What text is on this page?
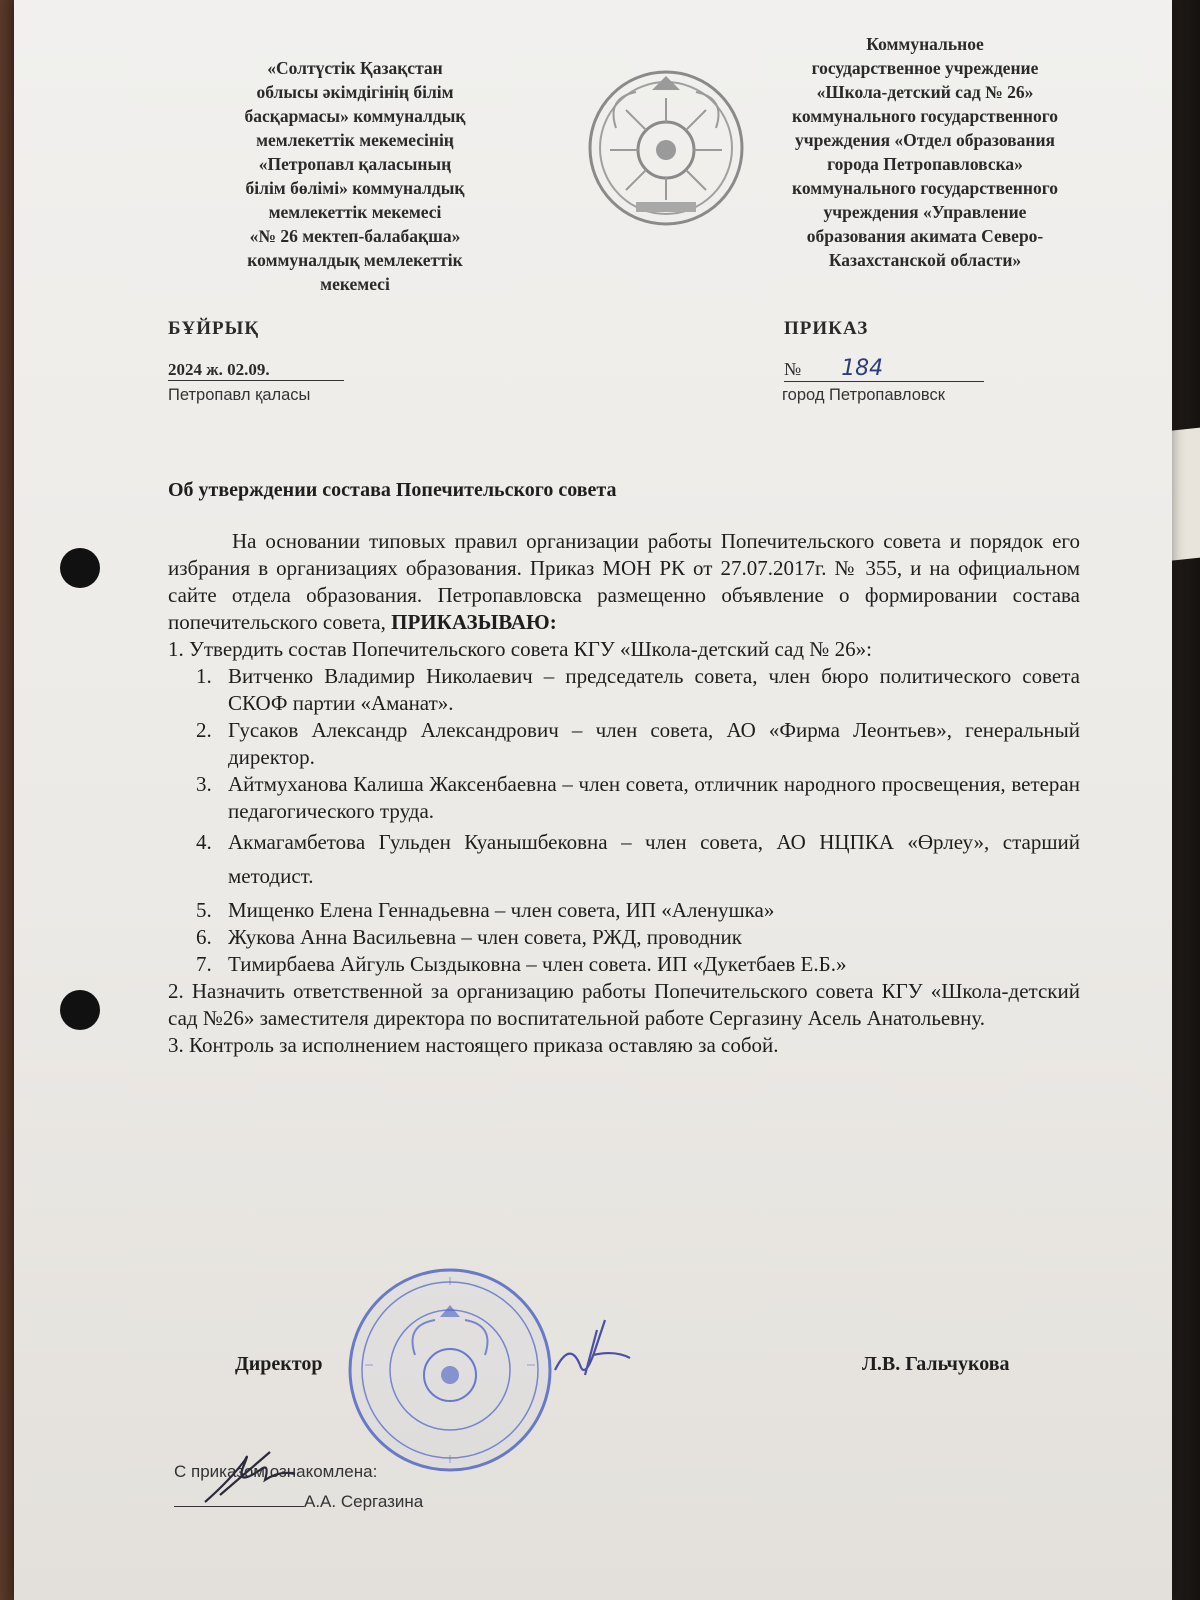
«Солтүстік Қазақстан
облысы әкімдігінің білім
басқармасы» коммуналдық
мемлекеттік мекемесінің
«Петропавл қаласының
білім бөлімі» коммуналдық
мемлекеттік мекемесі
«№ 26 мектеп-балабақша»
коммуналдық мемлекеттік
мекемесі
Коммунальное
государственное учреждение
«Школа-детский сад № 26»
коммунального государственного
учреждения «Отдел образования
города Петропавловска»
коммунального государственного
учреждения «Управление
образования акимата Северо-
Казахстанской области»
БҰЙРЫҚ	ПРИКАЗ
2024 ж. 02.09.	№ 184
Петропавл қаласы	город Петропавловск
Об утверждении состава Попечительского совета

На основании типовых правил организации работы Попечительского совета и порядок его избрания в организациях образования. Приказ МОН РК от 27.07.2017г. № 355, и на официальном сайте отдела образования. Петропавловска размещенно объявление о формировании состава попечительского совета, ПРИКАЗЫВАЮ:

1. Утвердить состав Попечительского совета КГУ «Школа-детский сад № 26»:

1. Витченко Владимир Николаевич – председатель совета, член бюро политического совета СКОФ партии «Аманат».
2. Гусаков Александр Александрович – член совета, АО «Фирма Леонтьев», генеральный директор.
3. Айтмуханова Калиша Жаксенбаевна – член совета, отличник народного просвещения, ветеран педагогического труда.
4. Акмагамбетова Гульден Куанышбековна – член совета, АО НЦПКА «Өрлеу», старший методист.
5. Мищенко Елена Геннадьевна – член совета, ИП «Аленушка»
6. Жукова Анна Васильевна – член совета, РЖД, проводник
7. Тимирбаева Айгуль Сыздыковна – член совета. ИП «Дукетбаев Е.Б.»

2. Назначить ответственной за организацию работы Попечительского совета КГУ «Школа-детский сад №26» заместителя директора по воспитательной работе Сергазину Асель Анатольевну.

3. Контроль за исполнением настоящего приказа оставляю за собой.

Директор	Л.В. Гальчукова
С приказом ознакомлена:
А.А. Сергазина
